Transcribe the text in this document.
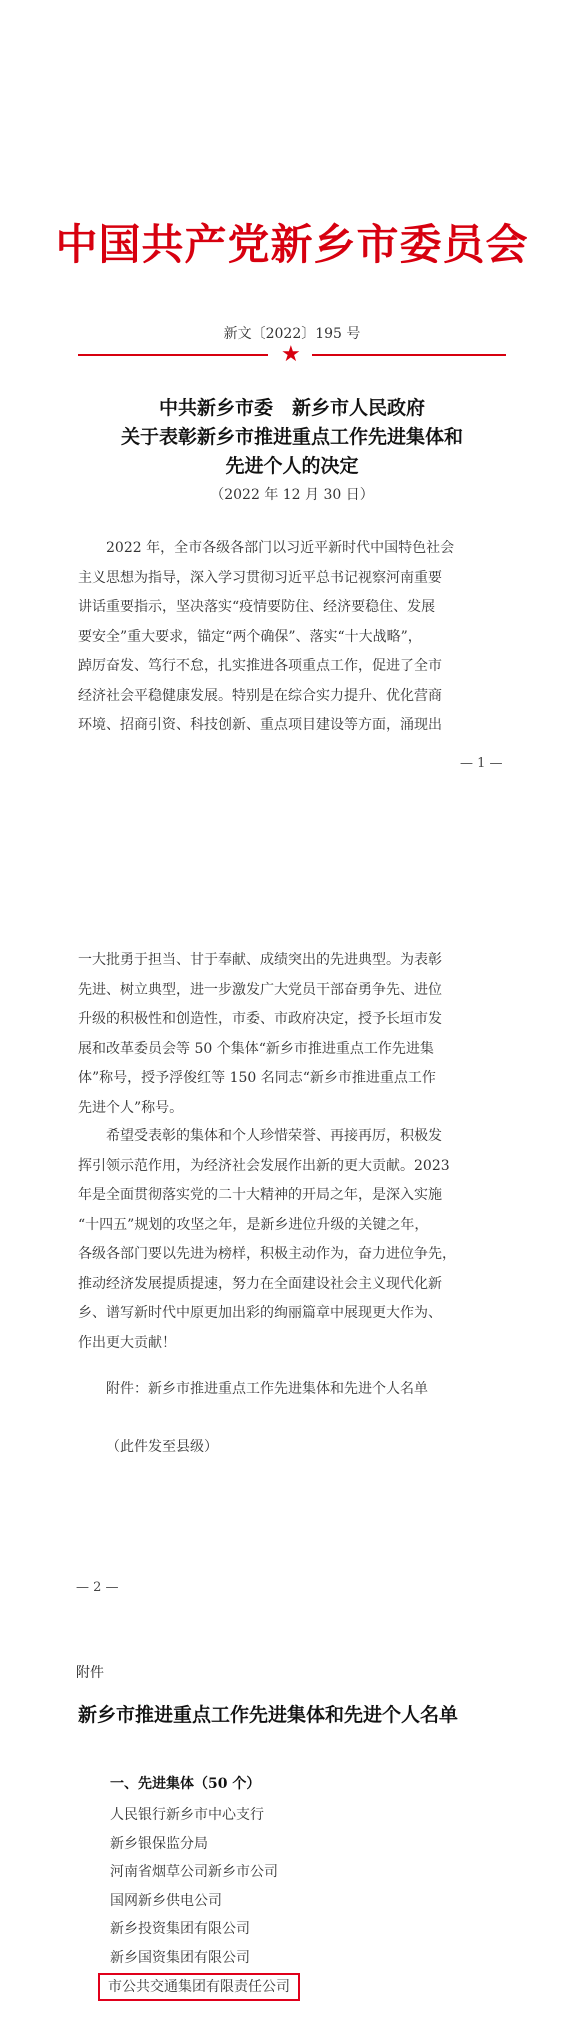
中国共产党新乡市委员会
新文〔2022〕195 号
★
中共新乡市委　新乡市人民政府
关于表彰新乡市推进重点工作先进集体和
先进个人的决定
（2022 年 12 月 30 日）
　　2022 年，全市各级各部门以习近平新时代中国特色社会
主义思想为指导，深入学习贯彻习近平总书记视察河南重要
讲话重要指示，坚决落实“疫情要防住、经济要稳住、发展
要安全”重大要求，锚定“两个确保”、落实“十大战略”，
踔厉奋发、笃行不怠，扎实推进各项重点工作，促进了全市
经济社会平稳健康发展。特别是在综合实力提升、优化营商
环境、招商引资、科技创新、重点项目建设等方面，涌现出
— 1 —
一大批勇于担当、甘于奉献、成绩突出的先进典型。为表彰
先进、树立典型，进一步激发广大党员干部奋勇争先、进位
升级的积极性和创造性，市委、市政府决定，授予长垣市发
展和改革委员会等 50 个集体“新乡市推进重点工作先进集
体”称号，授予浮俊红等 150 名同志“新乡市推进重点工作
先进个人”称号。
　　希望受表彰的集体和个人珍惜荣誉、再接再厉，积极发
挥引领示范作用，为经济社会发展作出新的更大贡献。2023
年是全面贯彻落实党的二十大精神的开局之年，是深入实施
“十四五”规划的攻坚之年，是新乡进位升级的关键之年，
各级各部门要以先进为榜样，积极主动作为，奋力进位争先，
推动经济发展提质提速，努力在全面建设社会主义现代化新
乡、谱写新时代中原更加出彩的绚丽篇章中展现更大作为、
作出更大贡献！
附件：新乡市推进重点工作先进集体和先进个人名单
（此件发至县级）
— 2 —
附件
新乡市推进重点工作先进集体和先进个人名单
一、先进集体（50 个）
人民银行新乡市中心支行
新乡银保监分局
河南省烟草公司新乡市公司
国网新乡供电公司
新乡投资集团有限公司
新乡国资集团有限公司
市公共交通集团有限责任公司
